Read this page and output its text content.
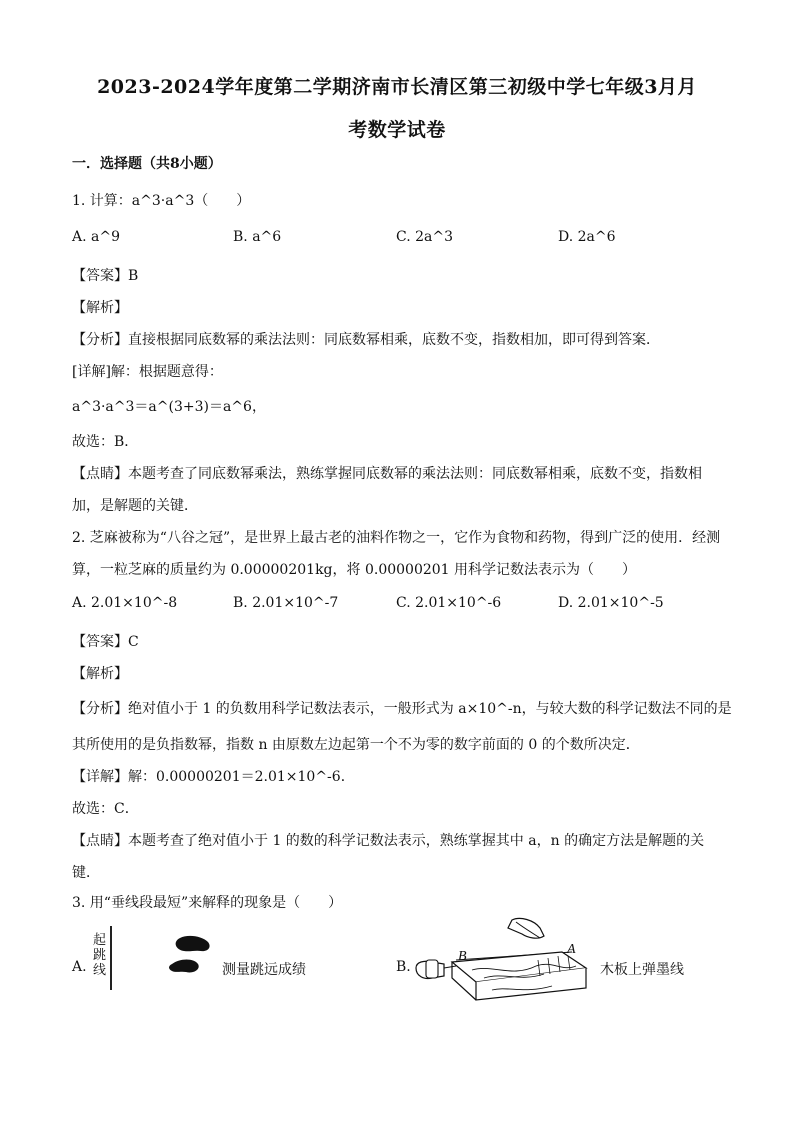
2023-2024学年度第二学期济南市长清区第三初级中学七年级3月月
考数学试卷
一．选择题（共8小题）
1. 计算：a^3·a^3（　　）
A. a^9	B. a^6	C. 2a^3	D. 2a^6
【答案】B
【解析】
【分析】直接根据同底数幂的乘法法则：同底数幂相乘，底数不变，指数相加，即可得到答案．
[详解]解：根据题意得：
a^3·a^3＝a^(3+3)＝a^6，
故选：B．
【点睛】本题考查了同底数幂乘法，熟练掌握同底数幂的乘法法则：同底数幂相乘，底数不变，指数相
加，是解题的关键．
2. 芝麻被称为“八谷之冠”，是世界上最古老的油料作物之一，它作为食物和药物，得到广泛的使用．经测
算，一粒芝麻的质量约为 0.00000201kg，将 0.00000201 用科学记数法表示为（　　）
A. 2.01×10^-8	B. 2.01×10^-7	C. 2.01×10^-6	D. 2.01×10^-5
【答案】C
【解析】
【分析】绝对值小于 1 的负数用科学记数法表示，一般形式为 a×10^-n，与较大数的科学记数法不同的是
其所使用的是负指数幂，指数 n 由原数左边起第一个不为零的数字前面的 0 的个数所决定．
【详解】解：0.00000201＝2.01×10^-6．
故选：C．
【点睛】本题考查了绝对值小于 1 的数的科学记数法表示，熟练掌握其中 a，n 的确定方法是解题的关
键．
3. 用“垂线段最短”来解释的现象是（　　）
A.
起跳线	测量跳远成绩	B.
B	A
木板上弹墨线
